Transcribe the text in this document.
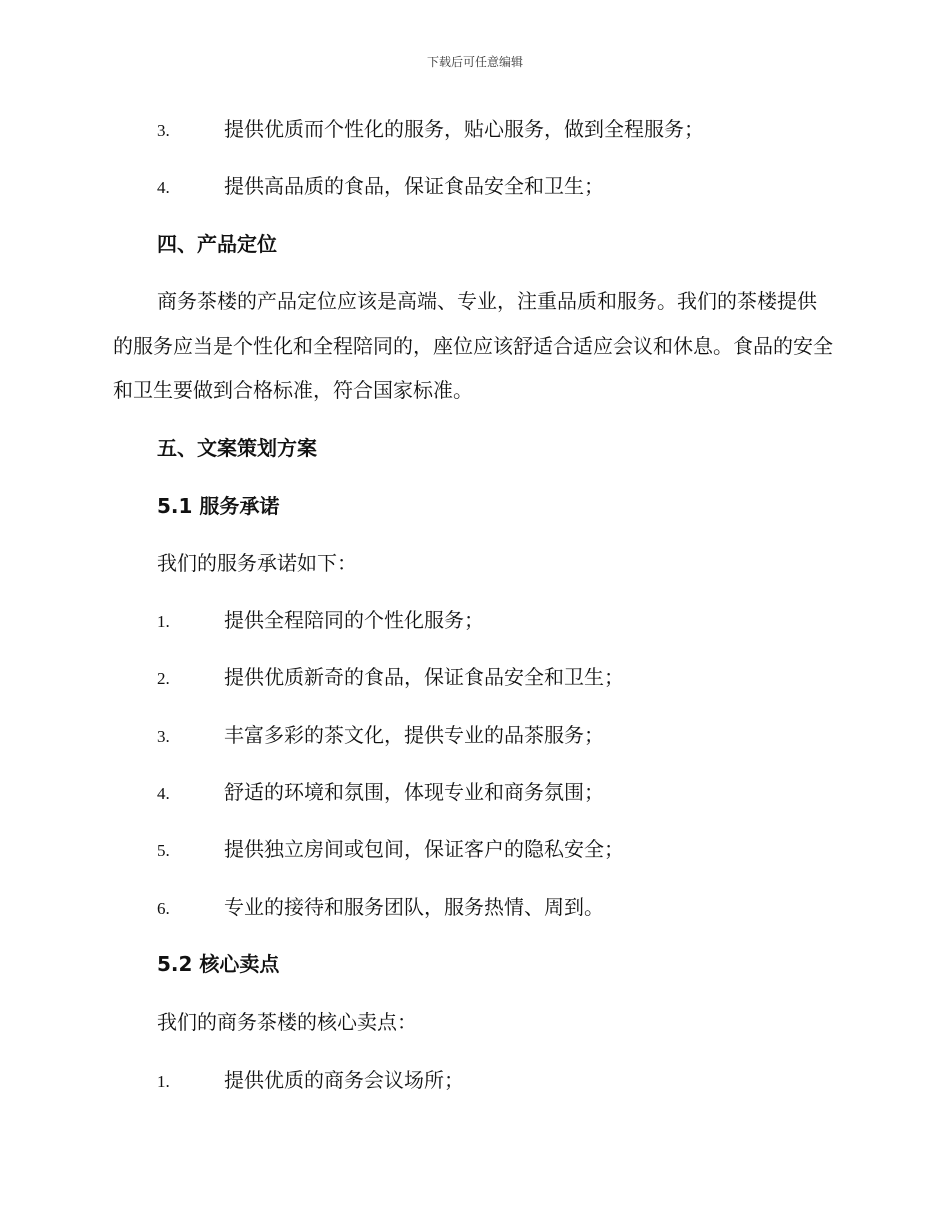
下载后可任意编辑
3.	提供优质而个性化的服务，贴心服务，做到全程服务；
4.	提供高品质的食品，保证食品安全和卫生；
四、产品定位
商务茶楼的产品定位应该是高端、专业，注重品质和服务。我们的茶楼提供的服务应当是个性化和全程陪同的，座位应该舒适合适应会议和休息。食品的安全和卫生要做到合格标准，符合国家标准。
五、文案策划方案
5.1 服务承诺
我们的服务承诺如下：
1.	提供全程陪同的个性化服务；
2.	提供优质新奇的食品，保证食品安全和卫生；
3.	丰富多彩的茶文化，提供专业的品茶服务；
4.	舒适的环境和氛围，体现专业和商务氛围；
5.	提供独立房间或包间，保证客户的隐私安全；
6.	专业的接待和服务团队，服务热情、周到。
5.2 核心卖点
我们的商务茶楼的核心卖点：
1.	提供优质的商务会议场所；
